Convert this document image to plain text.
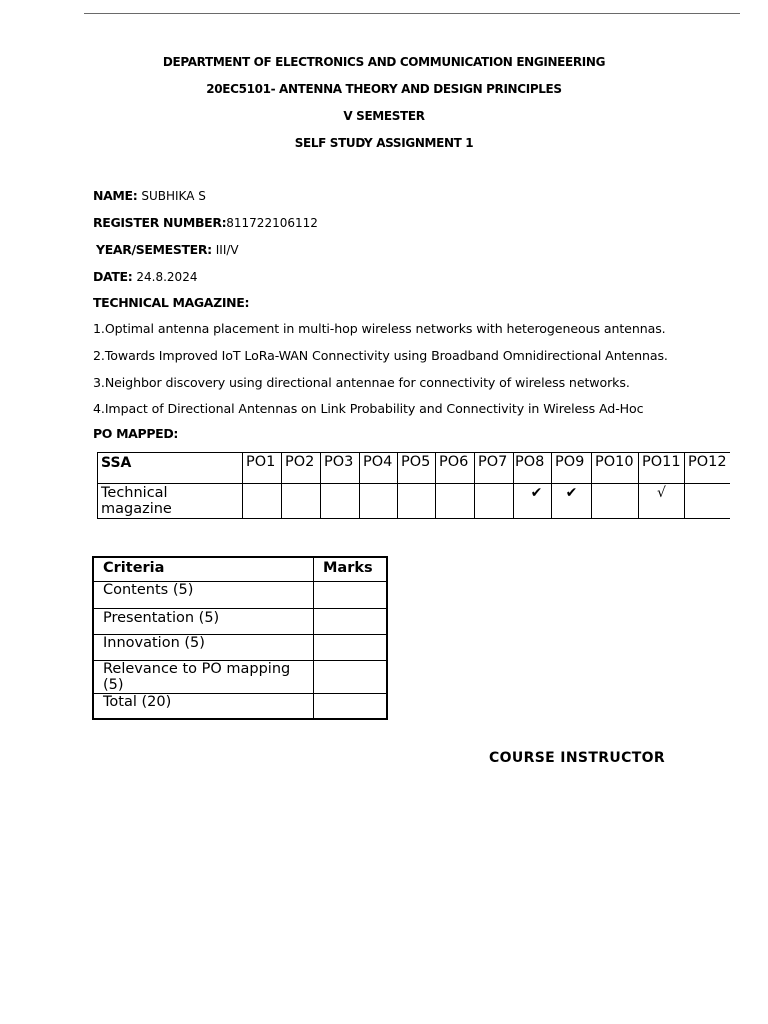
DEPARTMENT OF ELECTRONICS AND COMMUNICATION ENGINEERING
20EC5101- ANTENNA THEORY AND DESIGN PRINCIPLES
V SEMESTER
SELF STUDY ASSIGNMENT 1
NAME: SUBHIKA S
REGISTER NUMBER:811722106112
YEAR/SEMESTER: III/V
DATE: 24.8.2024
TECHNICAL MAGAZINE:
1.Optimal antenna placement in multi-hop wireless networks with heterogeneous antennas.
2.Towards Improved IoT LoRa-WAN Connectivity using Broadband Omnidirectional Antennas.
3.Neighbor discovery using directional antennae for connectivity of wireless networks.
4.Impact of Directional Antennas on Link Probability and Connectivity in Wireless Ad-Hoc
PO MAPPED:
SSA	PO1	PO2	PO3	PO4	PO5	PO6	PO7	PO8	PO9	PO10	PO11	PO12
Technical
magazine								✔	✔		√	
Criteria	Marks
Contents (5)	
Presentation (5)	
Innovation (5)	
Relevance to PO mapping (5)	
Total (20)	
COURSE INSTRUCTOR
